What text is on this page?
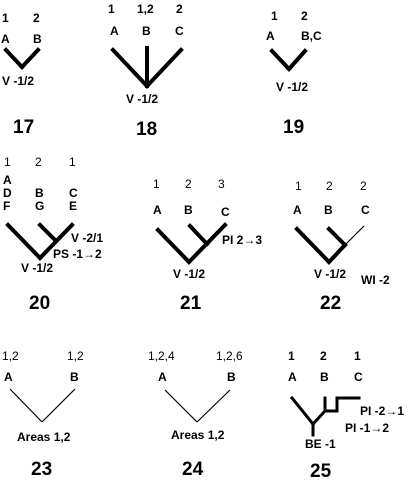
1 2
A B
V -1/2
17
1 1,2 2
A B C
V -1/2
18
1 2
A B,C
V -1/2
19
1 2 1
A
B C
D
G E
F
V -2/1
PS -1→2
V -1/2
20
1 2 3
A B C
PI 2→3
V -1/2
21
1 2 2
A B C
V -1/2 WI -2
22
1,2	1,2
A	B
Areas 1,2
23
1,2,4	1,2,6
A	B
Areas 1,2
24
1 2 1
A B C
PI -2→1
PI -1→2
BE -1
25
